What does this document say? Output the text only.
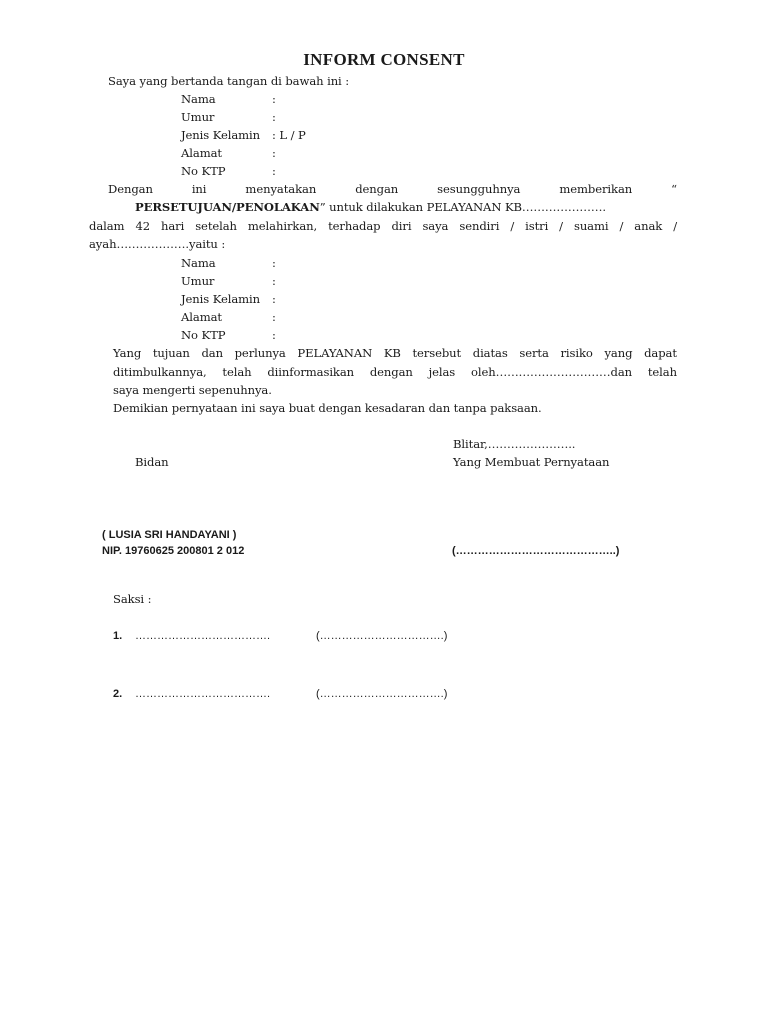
INFORM CONSENT
Saya yang bertanda tangan di bawah ini :
Nama	:
Umur	:
Jenis Kelamin : L / P
Alamat	:
No KTP	:
Dengan	ini	menyatakan	dengan	sesungguhnya	memberikan	“
PERSETUJUAN/PENOLAKAN” untuk dilakukan PELAYANAN KB………………….
dalam 42 hari setelah melahirkan, terhadap diri saya sendiri / istri / suami / anak /
ayah……………….yaitu :
Nama	:
Umur	:
Jenis Kelamin :
Alamat	:
No KTP	:
Yang tujuan dan perlunya PELAYANAN KB tersebut diatas serta risiko yang dapat
ditimbulkannya, telah diinformasikan dengan jelas oleh…………………………dan telah
saya mengerti sepenuhnya.
Demikian pernyataan ini saya buat dengan kesadaran dan tanpa paksaan.
Blitar,…………………..
Bidan	Yang Membuat Pernyataan
( LUSIA SRI HANDAYANI )
NIP. 19760625 200801 2 012	(……………………………………..)
Saksi :
1. ……………………………….	(…………………………….)
2. ……………………………….	(…………………………….)
